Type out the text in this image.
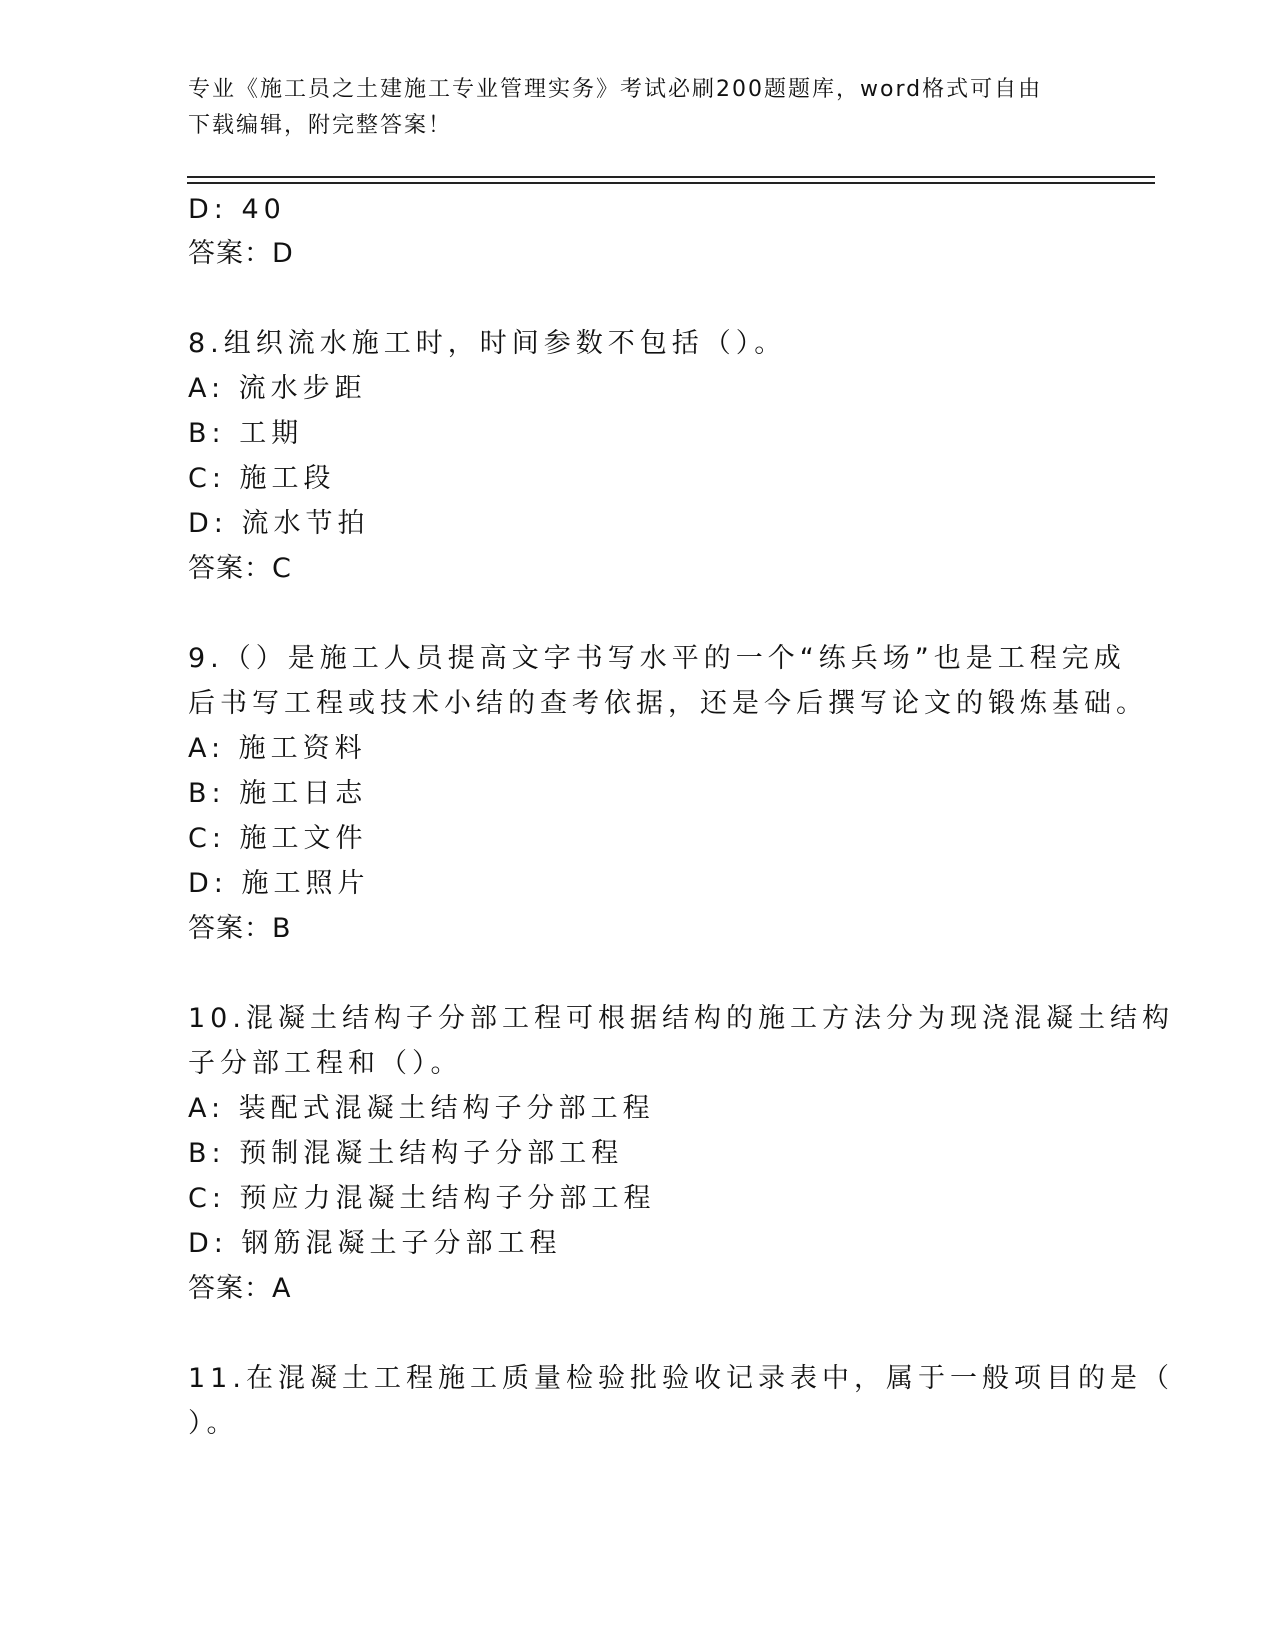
专业《施工员之土建施工专业管理实务》考试必刷200题题库，word格式可自由
下载编辑，附完整答案！
D: 40
答案：D
8.组织流水施工时，时间参数不包括（）。
A: 流水步距
B: 工期
C: 施工段
D: 流水节拍
答案：C
9.（）是施工人员提高文字书写水平的一个“练兵场”也是工程完成
后书写工程或技术小结的查考依据，还是今后撰写论文的锻炼基础。
A: 施工资料
B: 施工日志
C: 施工文件
D: 施工照片
答案：B
10.混凝土结构子分部工程可根据结构的施工方法分为现浇混凝土结构
子分部工程和（）。
A: 装配式混凝土结构子分部工程
B: 预制混凝土结构子分部工程
C: 预应力混凝土结构子分部工程
D: 钢筋混凝土子分部工程
答案：A
11.在混凝土工程施工质量检验批验收记录表中，属于一般项目的是（
）。
